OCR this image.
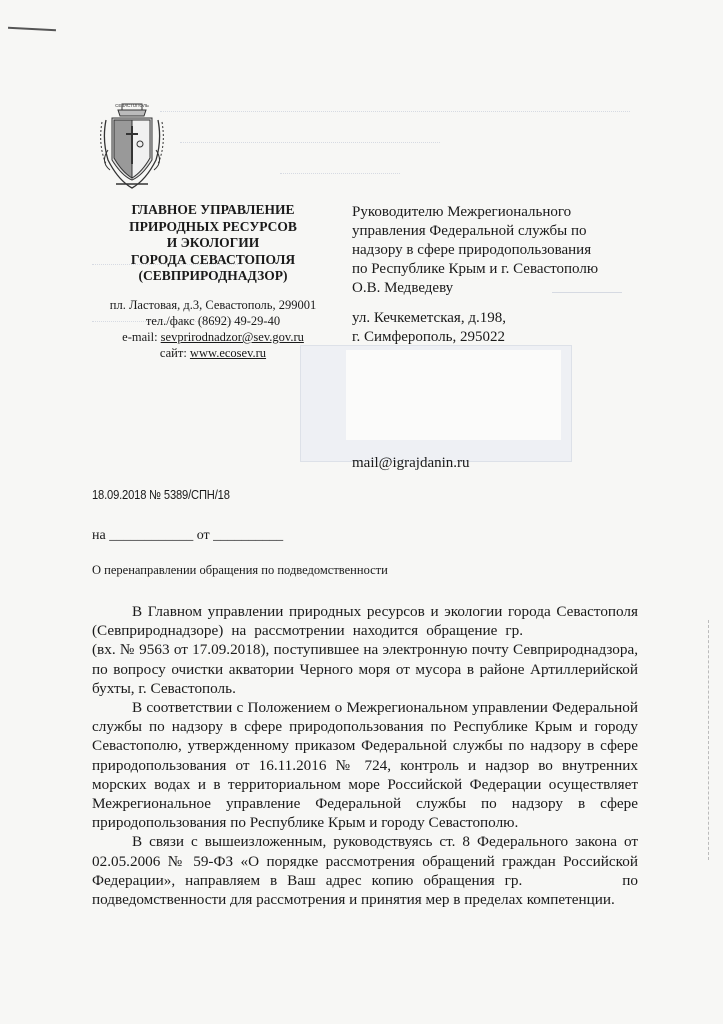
СЕВАСТОПОЛЬ
ГЛАВНОЕ УПРАВЛЕНИЕ
ПРИРОДНЫХ РЕСУРСОВ
И ЭКОЛОГИИ
ГОРОДА СЕВАСТОПОЛЯ
(СЕВПРИРОДНАДЗОР)
пл. Ластовая, д.3, Севастополь, 299001
тел./факс (8692) 49-29-40
e-mail: sevprirodnadzor@sev.gov.ru
сайт: www.ecosev.ru
Руководителю Межрегионального
управления Федеральной службы по
надзору в сфере природопользования
по Республике Крым и г. Севастополю
О.В. Медведеву
ул. Кечкеметская, д.198,
г. Симферополь, 295022
mail@igrajdanin.ru
18.09.2018 № 5389/СПН/18
на ____________ от __________
О перенаправлении обращения по подведомственности

В Главном управлении природных ресурсов и экологии города Севастополя (Севприроднадзоре) на рассмотрении находится обращение гр.(вх. № 9563 от 17.09.2018), поступившее на электронную почту Севприроднадзора, по вопросу очистки акватории Черного моря от мусора в районе Артиллерийской бухты, г. Севастополь.

В соответствии с Положением о Межрегиональном управлении Федеральной службы по надзору в сфере природопользования по Республике Крым и городу Севастополю, утвержденному приказом Федеральной службы по надзору в сфере природопользования от 16.11.2016 № 724, контроль и надзор во внутренних морских водах и в территориальном море Российской Федерации осуществляет Межрегиональное управление Федеральной службы по надзору в сфере природопользования по Республике Крым и городу Севастополю.

В связи с вышеизложенным, руководствуясь ст. 8 Федерального закона от 02.05.2006 № 59-ФЗ «О порядке рассмотрения обращений граждан Российской Федерации», направляем в Ваш адрес копию обращения гр.	по подведомственности для рассмотрения и принятия мер в пределах компетенции.
